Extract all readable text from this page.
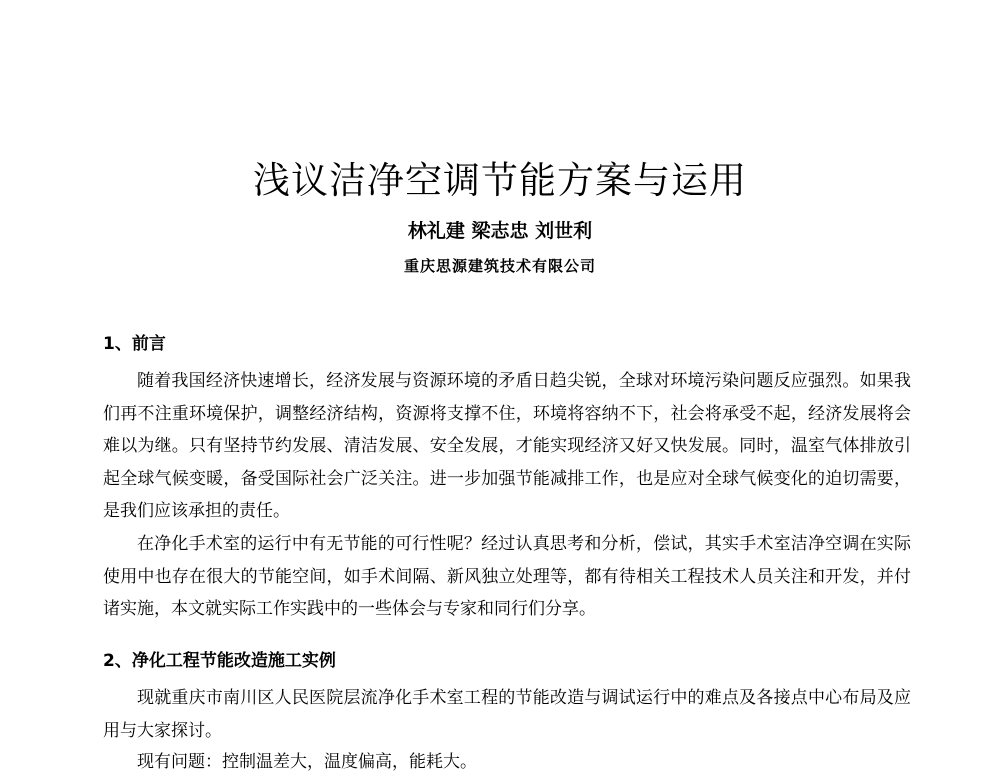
浅议洁净空调节能方案与运用

林礼建 梁志忠 刘世利

重庆思源建筑技术有限公司

1、前言

随着我国经济快速增长，经济发展与资源环境的矛盾日趋尖锐，全球对环境污染问题反应强烈。如果我们再不注重环境保护，调整经济结构，资源将支撑不住，环境将容纳不下，社会将承受不起，经济发展将会难以为继。只有坚持节约发展、清洁发展、安全发展，才能实现经济又好又快发展。同时，温室气体排放引起全球气候变暖，备受国际社会广泛关注。进一步加强节能减排工作，也是应对全球气候变化的迫切需要，是我们应该承担的责任。

在净化手术室的运行中有无节能的可行性呢？经过认真思考和分析，偿试，其实手术室洁净空调在实际使用中也存在很大的节能空间，如手术间隔、新风独立处理等，都有待相关工程技术人员关注和开发，并付诸实施，本文就实际工作实践中的一些体会与专家和同行们分享。

2、净化工程节能改造施工实例

现就重庆市南川区人民医院层流净化手术室工程的节能改造与调试运行中的难点及各接点中心布局及应用与大家探讨。

现有问题：控制温差大，温度偏高，能耗大。
